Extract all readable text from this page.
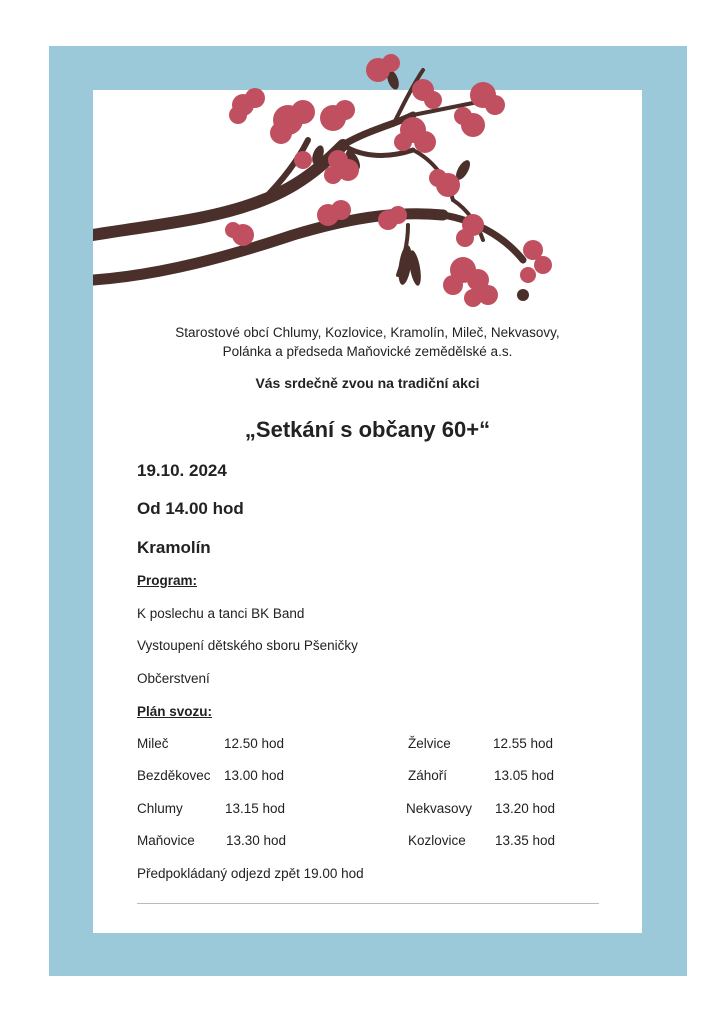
Starostové obcí Chlumy, Kozlovice, Kramolín, Mileč, Nekvasovy,
Polánka a předseda Maňovické zemědělské a.s.
Vás srdečně zvou na tradiční akci
„Setkání s občany 60+“
19.10. 2024
Od 14.00 hod
Kramolín
Program:
K poslechu a tanci BK Band
Vystoupení dětského sboru Pšeničky
Občerstvení
Plán svozu:
Mileč	12.50 hod	Želvice	12.55 hod
Bezděkovec 13.00 hod	Záhoří	13.05 hod
Chlumy	13.15 hod	Nekvasovy 13.20 hod
Maňovice 13.30 hod	Kozlovice 13.35 hod
Předpokládaný odjezd zpět 19.00 hod
